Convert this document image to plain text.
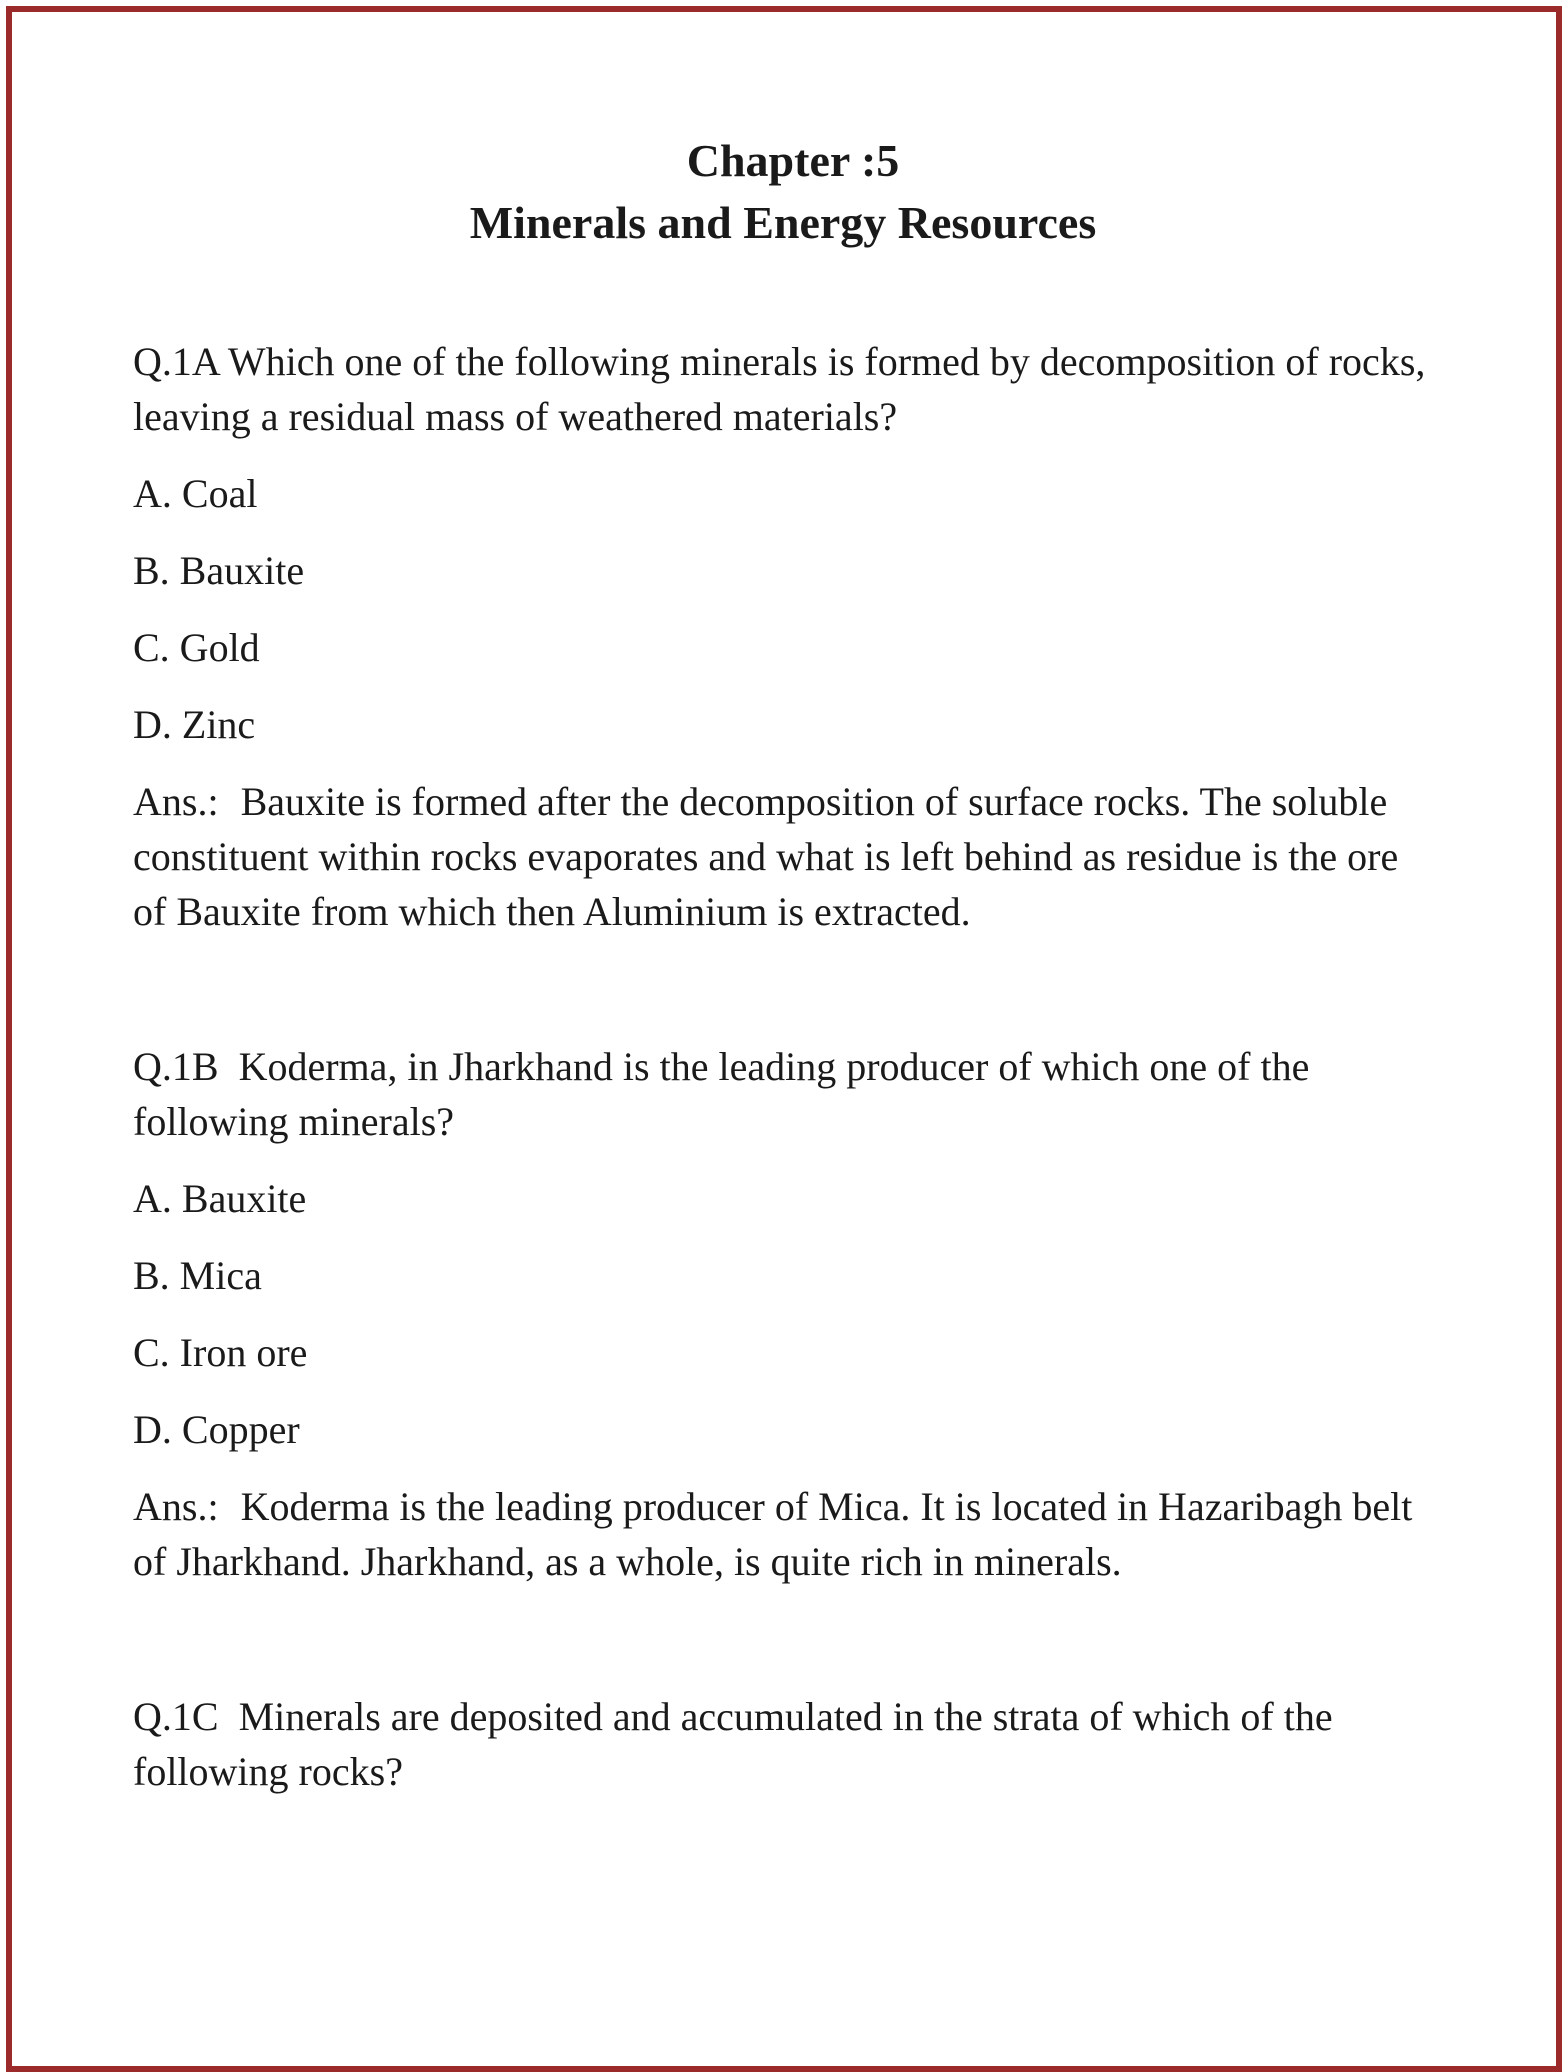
Chapter :5

Minerals and Energy Resources

Q.1A Which one of the following minerals is formed by decomposition of rocks, leaving a residual mass of weathered materials?

A. Coal

B. Bauxite

C. Gold

D. Zinc

Ans.: Bauxite is formed after the decomposition of surface rocks. The soluble constituent within rocks evaporates and what is left behind as residue is the ore of Bauxite from which then Aluminium is extracted.

Q.1B Koderma, in Jharkhand is the leading producer of which one of the following minerals?

A. Bauxite

B. Mica

C. Iron ore

D. Copper

Ans.: Koderma is the leading producer of Mica. It is located in Hazaribagh belt of Jharkhand. Jharkhand, as a whole, is quite rich in minerals.

Q.1C Minerals are deposited and accumulated in the strata of which of the following rocks?
